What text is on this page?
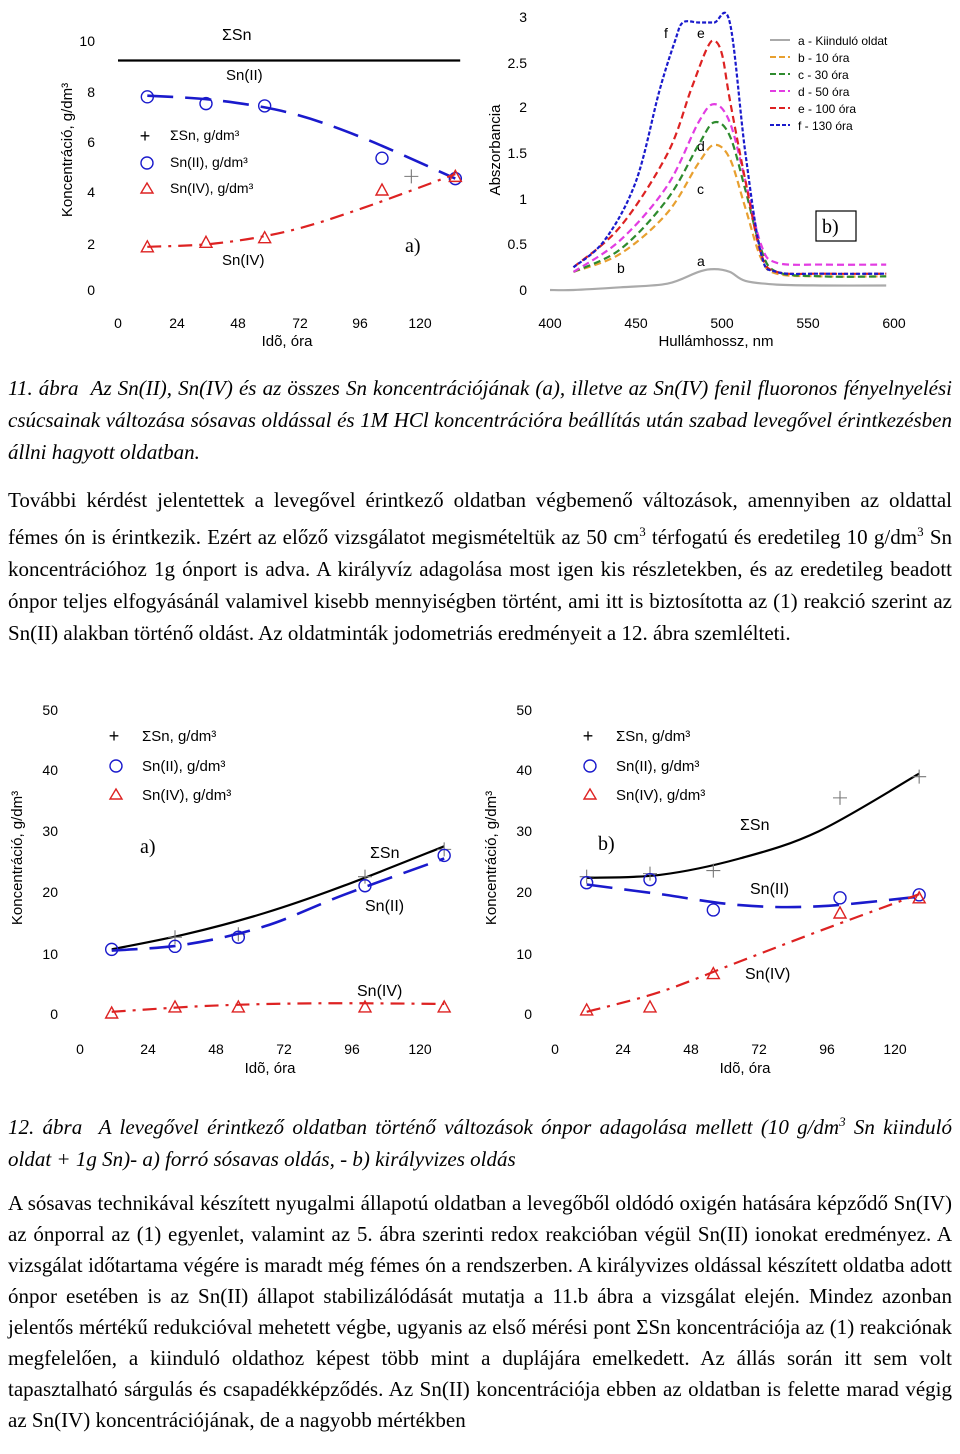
Koncentráció, g/dm³
0
2
4
6
8
10
0	24	48	72	96	120
Idõ, óra
a)
+ ΣSn, g/dm³
Sn(II), g/dm³
Sn(IV), g/dm³
ΣSn
Sn(II)
Sn(IV)
Abszorbancia
0
0.5
1
1.5
2
2.5
3
400	450	500	550	600
Hullámhossz, nm
b)
a - Kiinduló oldat
b - 10 óra
c - 30 óra
d - 50 óra
e - 100 óra
f - 130 óra
a
b
c
d
e
f

11. ábra Az Sn(II), Sn(IV) és az összes Sn koncentrációjának (a), illetve az Sn(IV) fenil fluoronos fényelnyelési csúcsainak változása sósavas oldással és 1M HCl koncentrációra beállítás után szabad levegővel érintkezésben állni hagyott oldatban.

További kérdést jelentettek a levegővel érintkező oldatban végbemenő változások, amennyiben az oldattal fémes ón is érintkezik. Ezért az előző vizsgálatot megismételtük az 50 $cm^3$ térfogatú és eredetileg 10 $g/dm^3$ Sn koncentrációhoz 1g ónport is adva. A királyvíz adagolása most igen kis részletekben, és az eredetileg beadott ónpor teljes elfogyásánál valamivel kisebb mennyiségben történt, ami itt is biztosította az (1) reakció szerint az Sn(II) alakban történő oldást. Az oldatminták jodometriás eredményeit a 12. ábra szemlélteti.

Koncentráció, g/dm³
0
10
20
30
40
50
0	24	48	72	96	120
Idõ, óra
a)
+ ΣSn, g/dm³
Sn(II), g/dm³
Sn(IV), g/dm³
ΣSn
Sn(II)
Sn(IV)
Koncentráció, g/dm³
0
10
20
30
40
50
0	24	48	72	96	120
Idõ, óra
b)
+ ΣSn, g/dm³
Sn(II), g/dm³
Sn(IV), g/dm³
ΣSn
Sn(II)
Sn(IV)

12. ábra A levegővel érintkező oldatban történő változások ónpor adagolása mellett (10 $g/dm^3$ Sn kiinduló oldat + 1g Sn)- a) forró sósavas oldás, - b) királyvizes oldás

A sósavas technikával készített nyugalmi állapotú oldatban a levegőből oldódó oxigén hatására képződő Sn(IV) az ónporral az (1) egyenlet, valamint az 5. ábra szerinti redox reakcióban végül Sn(II) ionokat eredményez. A vizsgálat időtartama végére is maradt még fémes ón a rendszerben. A királyvizes oldással készített oldatba adott ónpor esetében is az Sn(II) állapot stabilizálódását mutatja a 11.b ábra a vizsgálat elején. Mindez azonban jelentős mértékű redukcióval mehetett végbe, ugyanis az első mérési pont ΣSn koncentrációja az (1) reakciónak megfelelően, a kiinduló oldathoz képest több mint a duplájára emelkedett. Az állás során itt sem volt tapasztalható sárgulás és csapadékképződés. Az Sn(II) koncentrációja ebben az oldatban is felette marad végig az Sn(IV) koncentrációjának, de a nagyobb mértékben
